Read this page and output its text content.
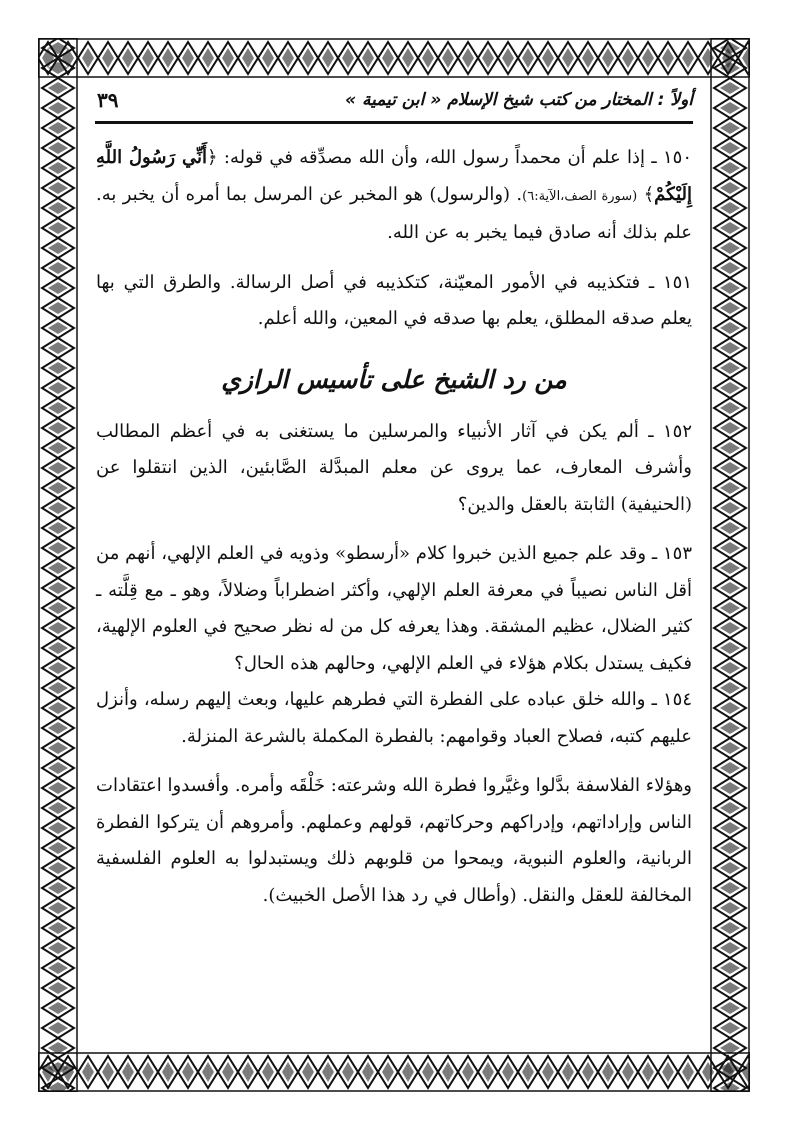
أولاً : المختار من كتب شيخ الإسلام « ابن تيمية »
٣٩

١٥٠ ـ إذا علم أن محمداً رسول الله، وأن الله مصدِّقه في قوله: ﴿أَنِّي رَسُولُ اللَّهِ إِلَيْكُمْ﴾ (سورة الصف،الآية:٦). (والرسول) هو المخبر عن المرسل بما أمره أن يخبر به. علم بذلك أنه صادق فيما يخبر به عن الله.

١٥١ ـ فتكذيبه في الأمور المعيّنة، كتكذيبه في أصل الرسالة. والطرق التي بها يعلم صدقه المطلق، يعلم بها صدقه في المعين، والله أعلم.

من رد الشيخ على تأسيس الرازي

١٥٢ ـ ألم يكن في آثار الأنبياء والمرسلين ما يستغنى به في أعظم المطالب وأشرف المعارف، عما يروى عن معلم المبدَّلة الصَّابئين، الذين انتقلوا عن (الحنيفية) الثابتة بالعقل والدين؟

١٥٣ ـ وقد علم جميع الذين خبروا كلام «أرسطو» وذويه في العلم الإلهي، أنهم من أقل الناس نصيباً في معرفة العلم الإلهي، وأكثر اضطراباً وضلالاً، وهو ـ مع قِلَّته ـ كثير الضلال، عظيم المشقة. وهذا يعرفه كل من له نظر صحيح في العلوم الإلهية، فكيف يستدل بكلام هؤلاء في العلم الإلهي، وحالهم هذه الحال؟

١٥٤ ـ والله خلق عباده على الفطرة التي فطرهم عليها، وبعث إليهم رسله، وأنزل عليهم كتبه، فصلاح العباد وقوامهم: بالفطرة المكملة بالشرعة المنزلة.

وهؤلاء الفلاسفة بدَّلوا وغيَّروا فطرة الله وشرعته: خَلْقَه وأمره. وأفسدوا اعتقادات الناس وإراداتهم، وإدراكهم وحركاتهم، قولهم وعملهم. وأمروهم أن يتركوا الفطرة الربانية، والعلوم النبوية، ويمحوا من قلوبهم ذلك ويستبدلوا به العلوم الفلسفية المخالفة للعقل والنقل. (وأطال في رد هذا الأصل الخبيث).
